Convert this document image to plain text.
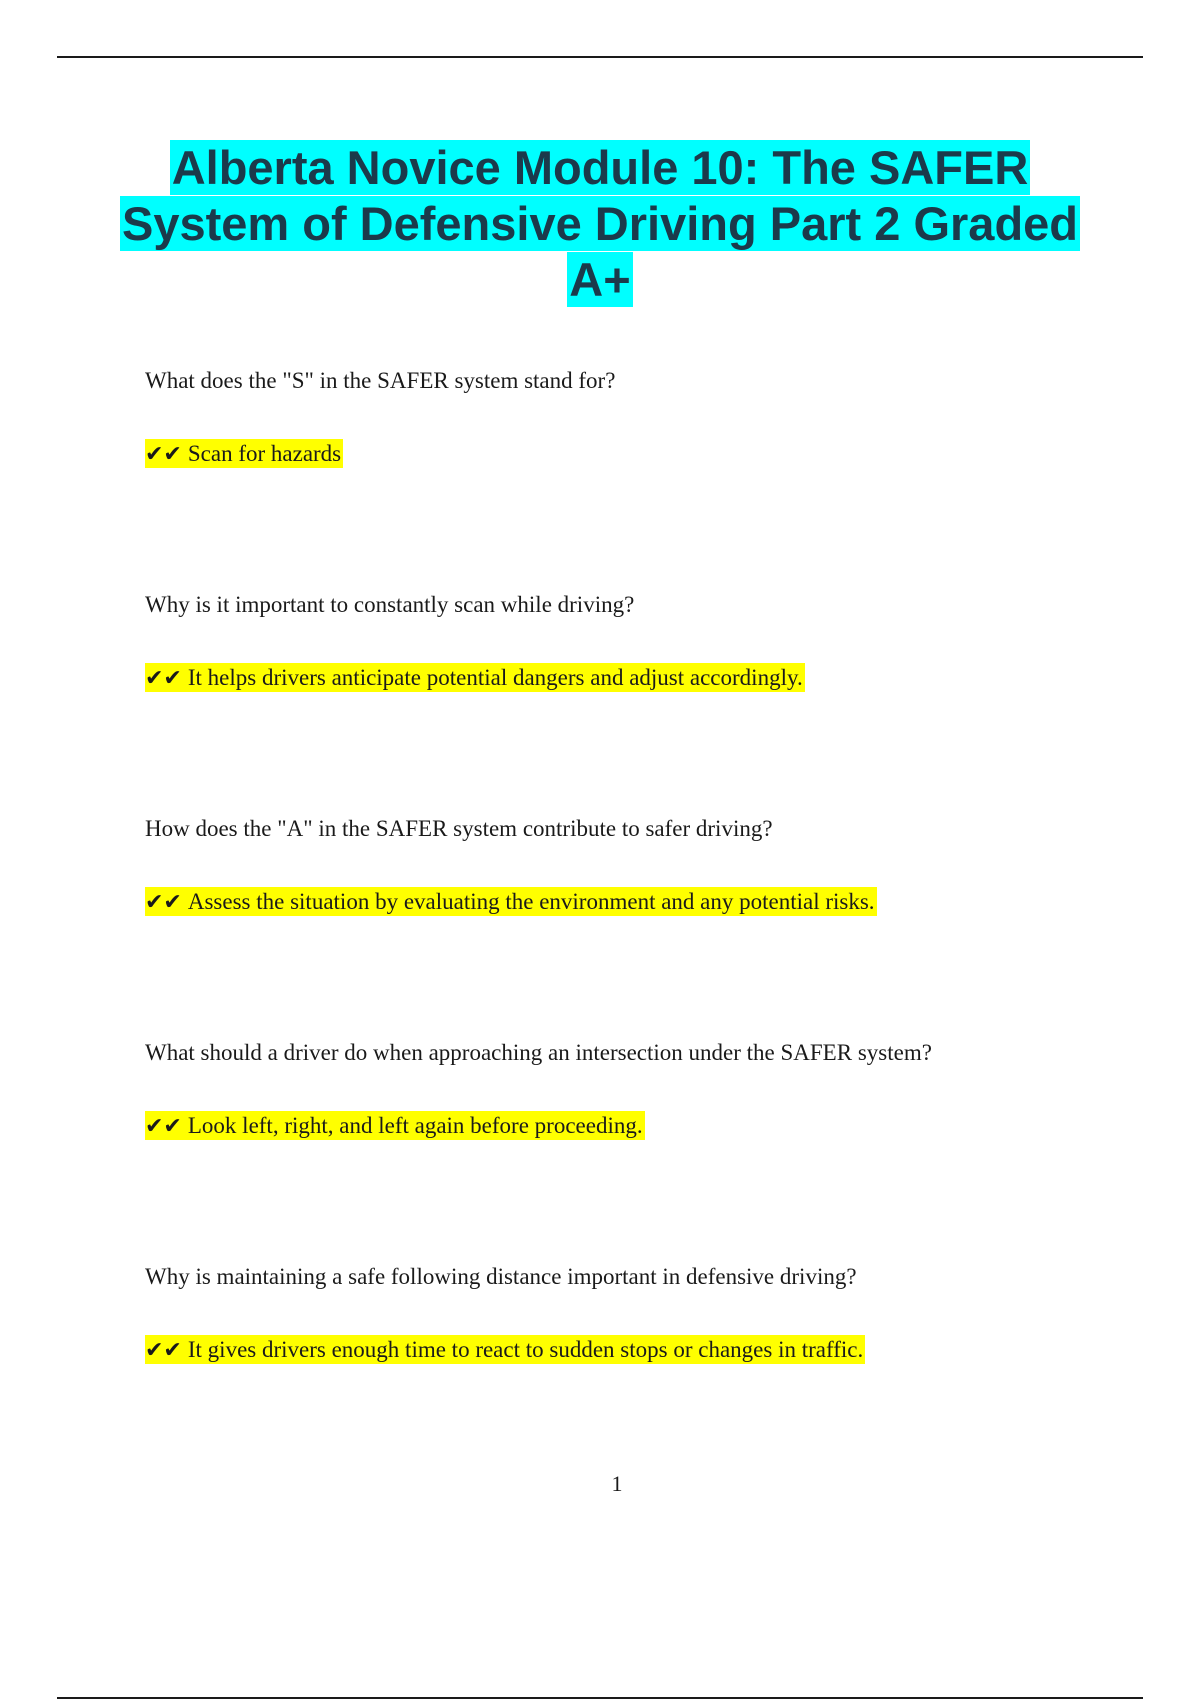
Alberta Novice Module 10: The SAFER System of Defensive Driving Part 2 Graded A+

What does the "S" in the SAFER system stand for?

✔✔ Scan for hazards

Why is it important to constantly scan while driving?

✔✔ It helps drivers anticipate potential dangers and adjust accordingly.

How does the "A" in the SAFER system contribute to safer driving?

✔✔ Assess the situation by evaluating the environment and any potential risks.

What should a driver do when approaching an intersection under the SAFER system?

✔✔ Look left, right, and left again before proceeding.

Why is maintaining a safe following distance important in defensive driving?

✔✔ It gives drivers enough time to react to sudden stops or changes in traffic.

1
